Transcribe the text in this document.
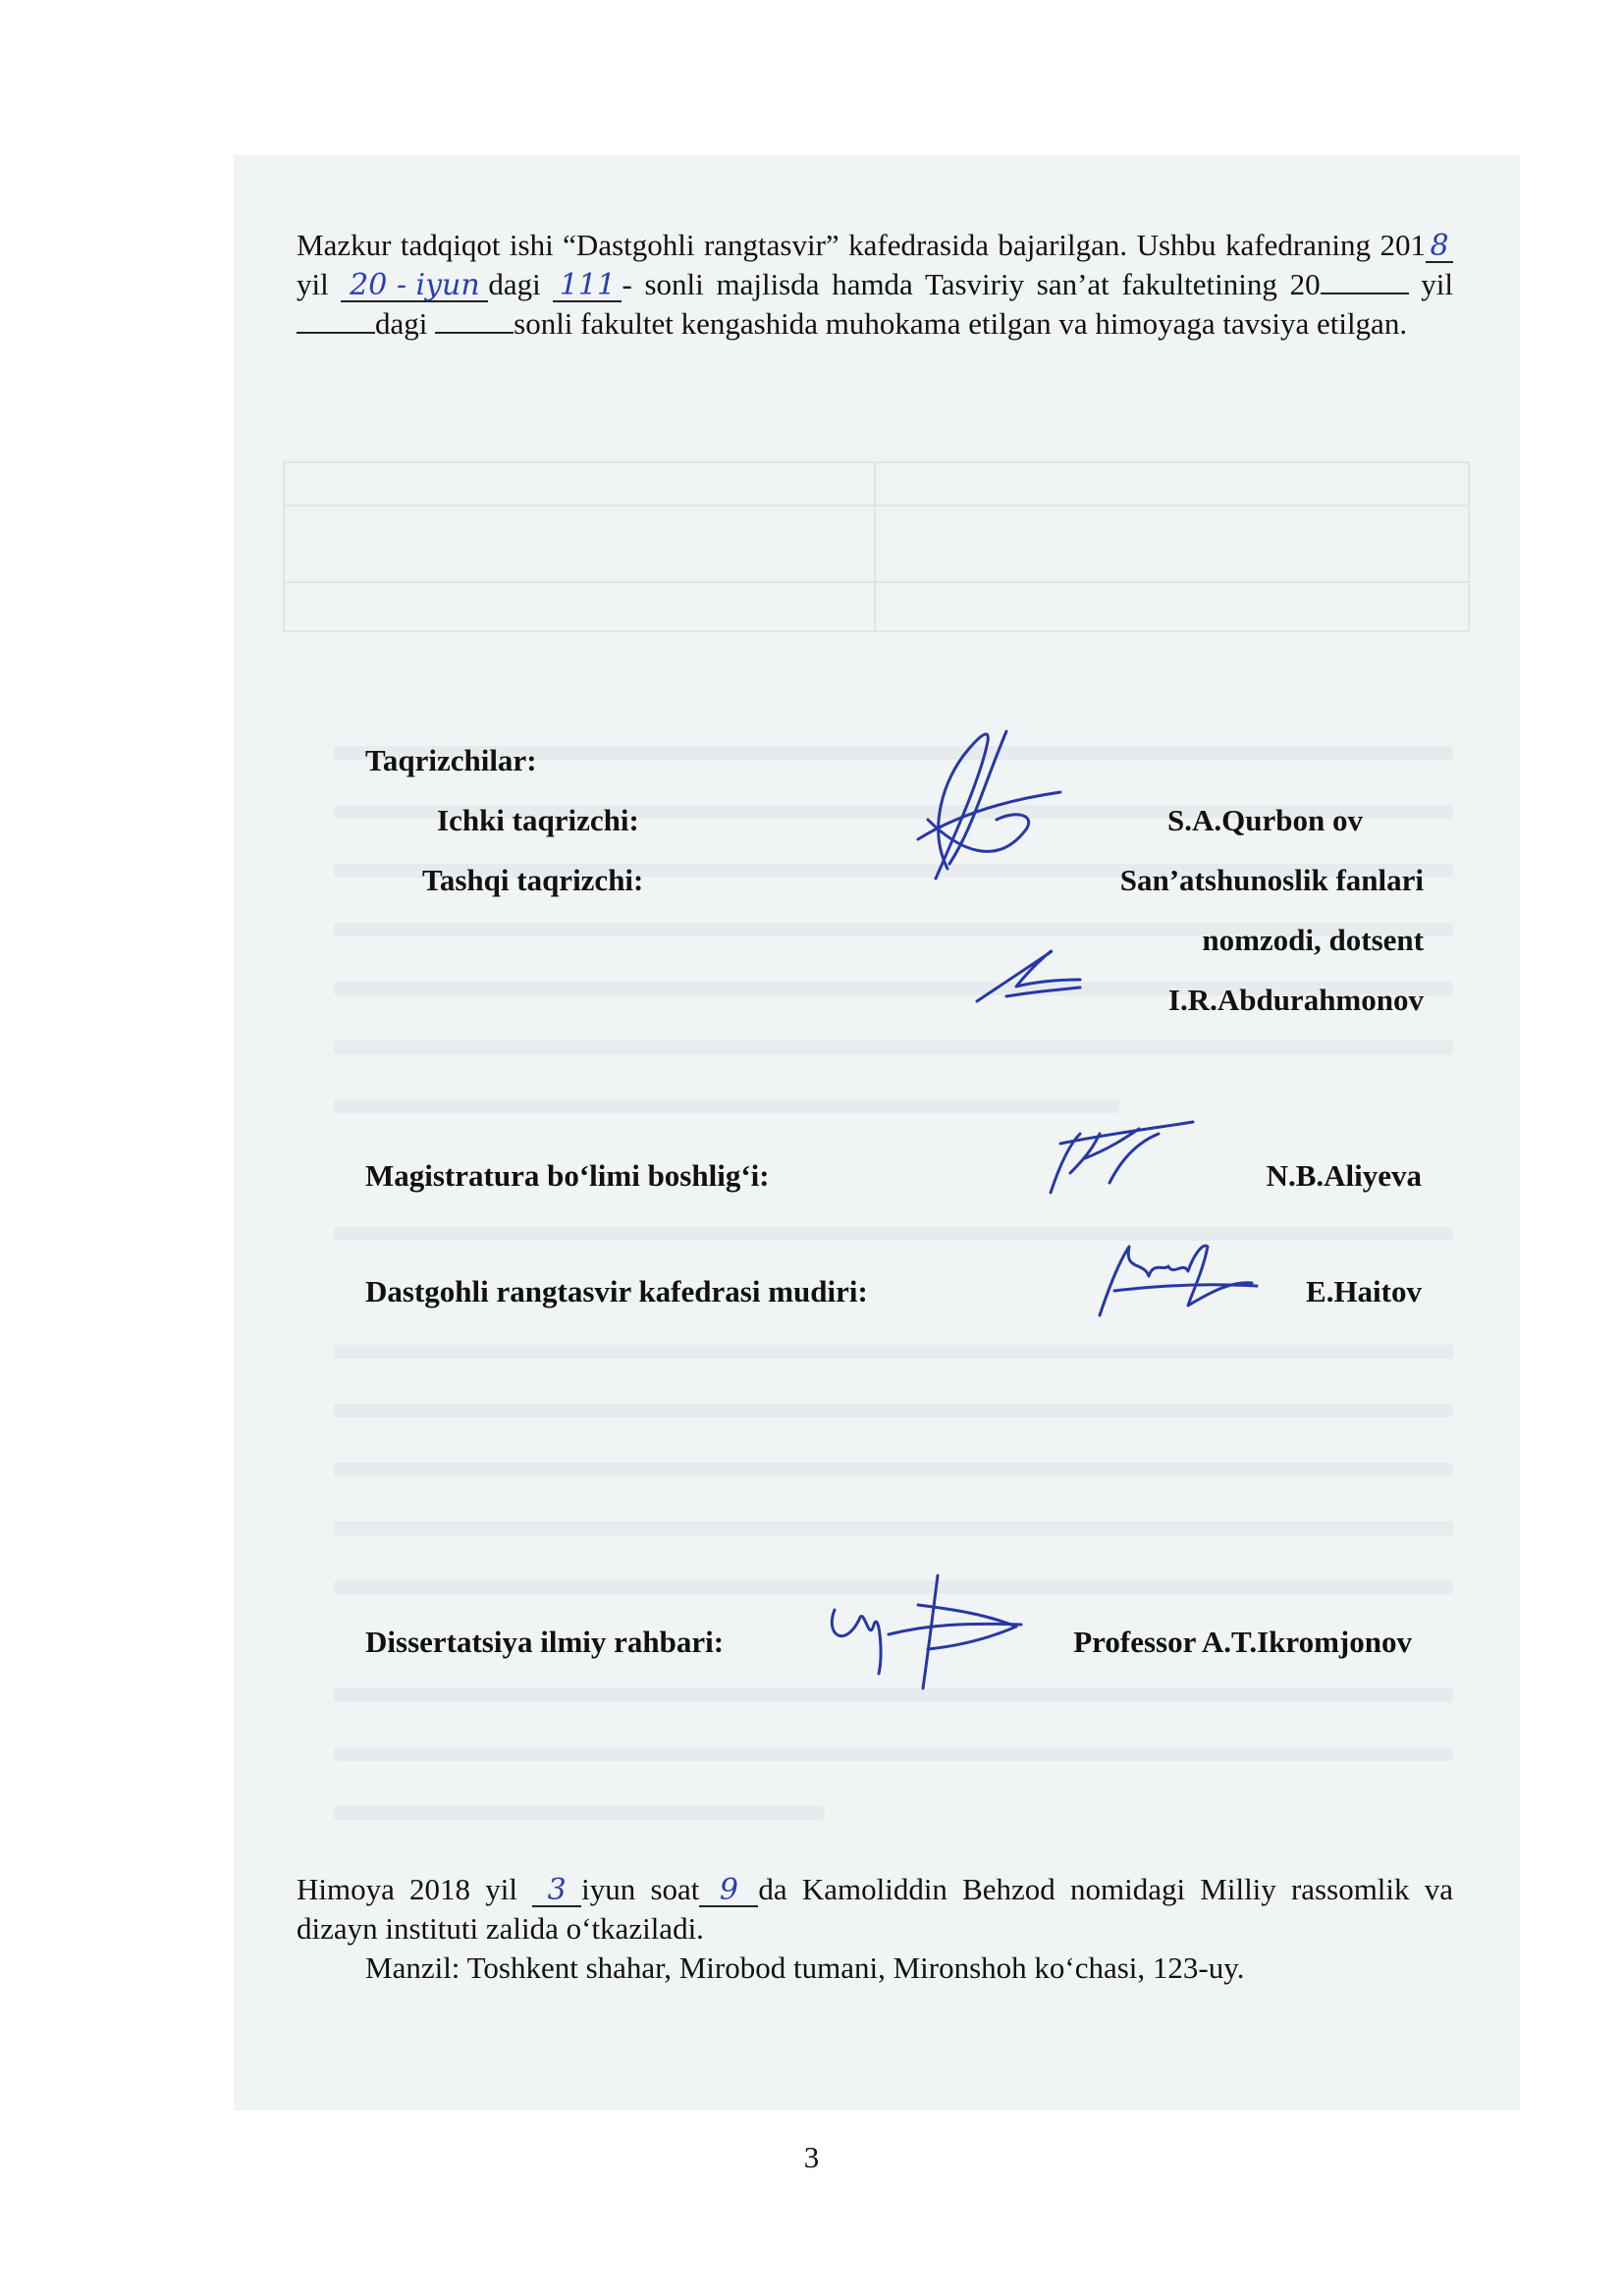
Mazkur tadqiqot ishi “Dastgohli rangtasvir” kafedrasida bajarilgan. Ushbu kafedraning 201 8 yil 20 - iyun dagi 111 - sonli majlisda hamda Tasviriy san’at fakultetining 20	yil dagi	sonli fakultet kengashida muhokama etilgan va himoyaga tavsiya etilgan.
Taqrizchilar:
Ichki taqrizchi:	S.A.Qurbon ov
Tashqi taqrizchi:	San’atshunoslik fanlari
nomzodi, dotsent
I.R.Abdurahmonov
Magistratura bo‘limi boshlig‘i:	N.B.Aliyeva
Dastgohli rangtasvir kafedrasi mudiri:	E.Haitov
Dissertatsiya ilmiy rahbari:	Professor A.T.Ikromjonov
Himoya 2018 yil 3 iyun soat 9 da Kamoliddin Behzod nomidagi Milliy rassomlik va dizayn instituti zalida o‘tkaziladi.
Manzil: Toshkent shahar, Mirobod tumani, Mironshoh ko‘chasi, 123-uy.
3
